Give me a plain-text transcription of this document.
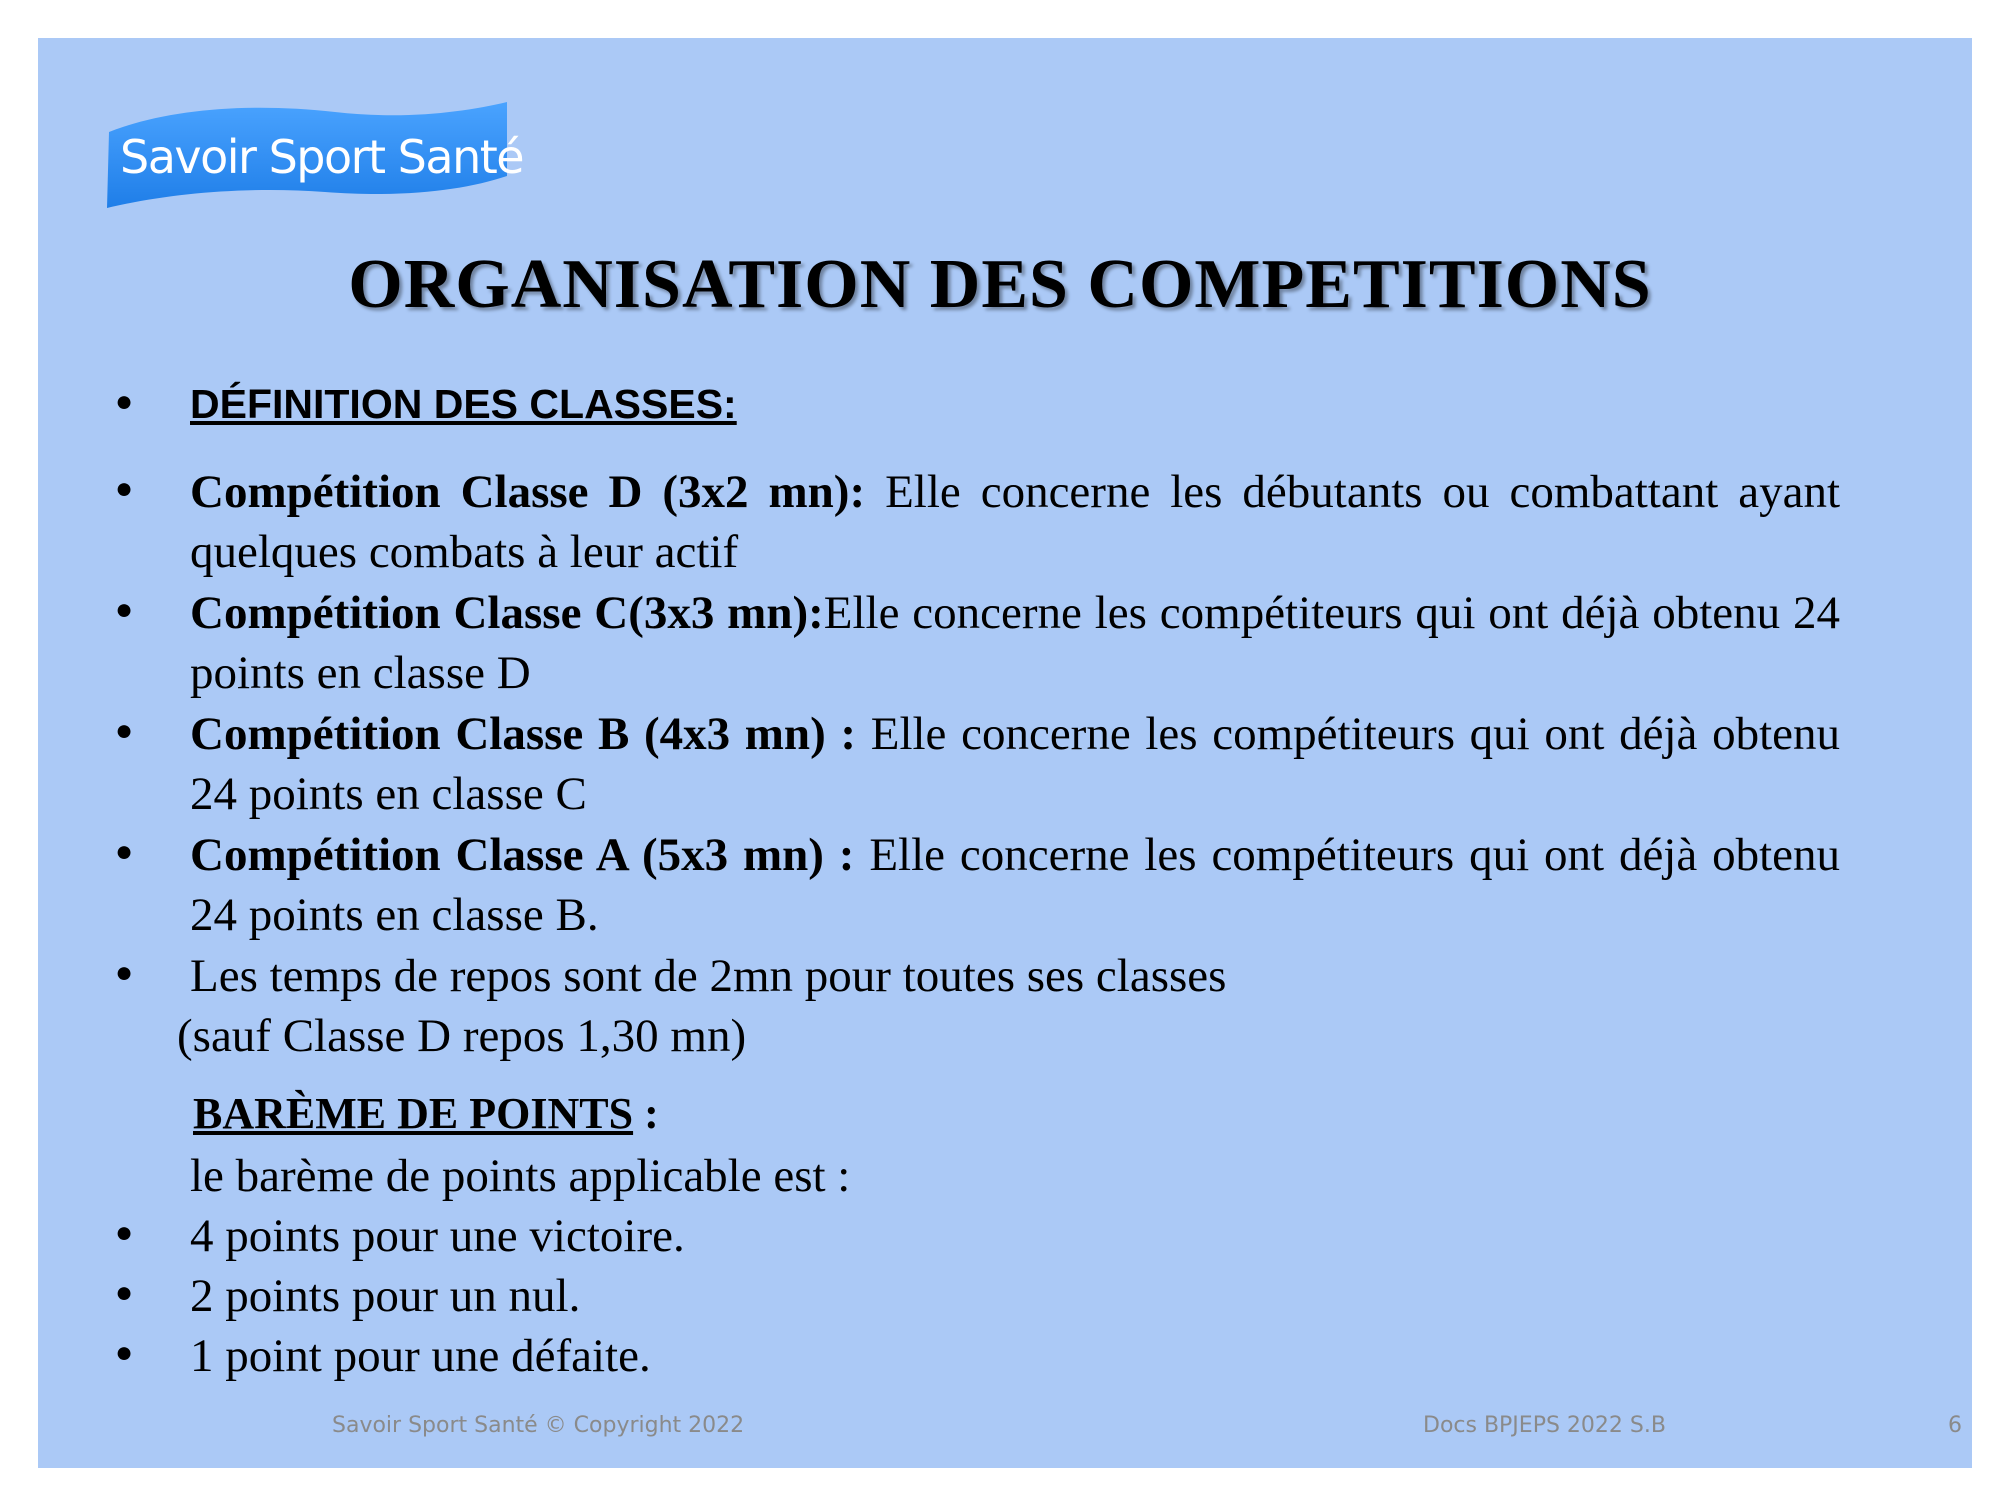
Savoir Sport Santé
ORGANISATION DES COMPETITIONS
● DÉFINITION DES CLASSES:
● Compétition Classe D (3x2 mn): Elle concerne les débutants ou combattant ayant quelques combats à leur actif
● Compétition Classe C(3x3 mn):Elle concerne les compétiteurs qui ont déjà obtenu 24 points en classe D
● Compétition Classe B (4x3 mn) : Elle concerne les compétiteurs qui ont déjà obtenu 24 points en classe C
● Compétition Classe A (5x3 mn) : Elle concerne les compétiteurs qui ont déjà obtenu 24 points en classe B.
● Les temps de repos sont de 2mn pour toutes ses classes
(sauf Classe D repos 1,30 mn)
BARÈME DE POINTS :
le barème de points applicable est :
● 4 points pour une victoire.
● 2 points pour un nul.
● 1 point pour une défaite.
Savoir Sport Santé © Copyright 2022	Docs BPJEPS 2022 S.B	6
